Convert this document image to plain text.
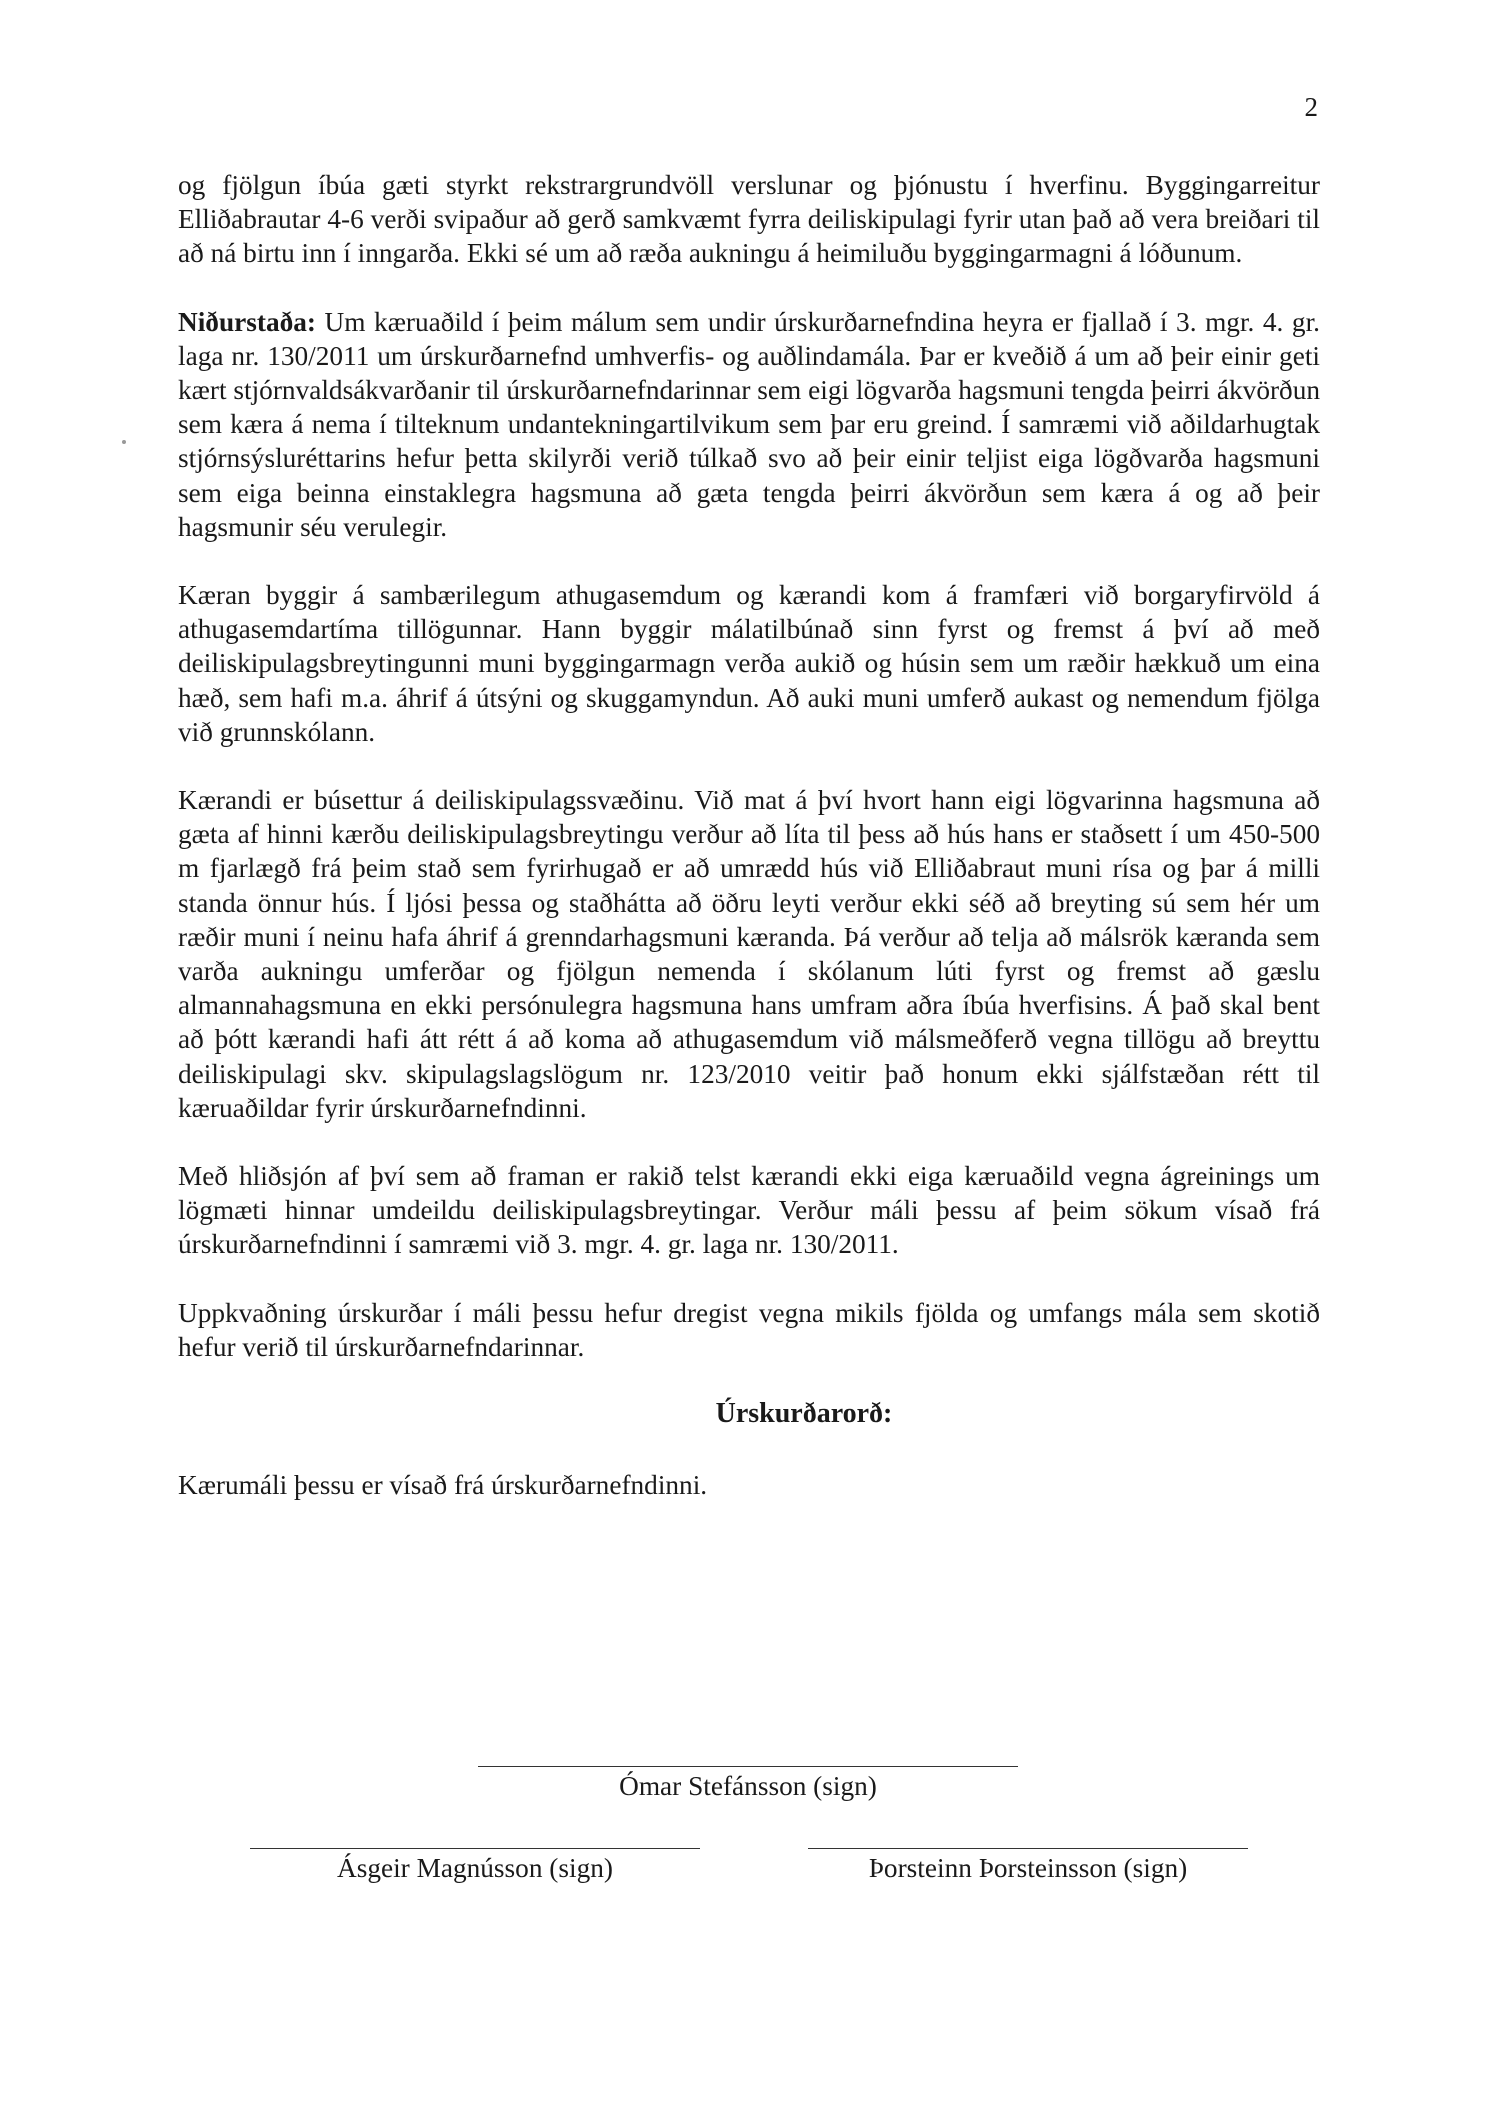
2

og fjölgun íbúa gæti styrkt rekstrargrundvöll verslunar og þjónustu í hverfinu. Byggingarreitur Elliðabrautar 4-6 verði svipaður að gerð samkvæmt fyrra deiliskipulagi fyrir utan það að vera breiðari til að ná birtu inn í inngarða. Ekki sé um að ræða aukningu á heimiluðu byggingarmagni á lóðunum.

Niðurstaða: Um kæruaðild í þeim málum sem undir úrskurðarnefndina heyra er fjallað í 3. mgr. 4. gr. laga nr. 130/2011 um úrskurðarnefnd umhverfis- og auðlindamála. Þar er kveðið á um að þeir einir geti kært stjórnvaldsákvarðanir til úrskurðarnefndarinnar sem eigi lögvarða hagsmuni tengda þeirri ákvörðun sem kæra á nema í tilteknum undantekningartilvikum sem þar eru greind. Í samræmi við aðildarhugtak stjórnsýsluréttarins hefur þetta skilyrði verið túlkað svo að þeir einir teljist eiga lögðvarða hagsmuni sem eiga beinna einstaklegra hagsmuna að gæta tengda þeirri ákvörðun sem kæra á og að þeir hagsmunir séu verulegir.

Kæran byggir á sambærilegum athugasemdum og kærandi kom á framfæri við borgaryfirvöld á athugasemdartíma tillögunnar. Hann byggir málatilbúnað sinn fyrst og fremst á því að með deiliskipulagsbreytingunni muni byggingarmagn verða aukið og húsin sem um ræðir hækkuð um eina hæð, sem hafi m.a. áhrif á útsýni og skuggamyndun. Að auki muni umferð aukast og nemendum fjölga við grunnskólann.

Kærandi er búsettur á deiliskipulagssvæðinu. Við mat á því hvort hann eigi lögvarinna hagsmuna að gæta af hinni kærðu deiliskipulagsbreytingu verður að líta til þess að hús hans er staðsett í um 450-500 m fjarlægð frá þeim stað sem fyrirhugað er að umrædd hús við Elliðabraut muni rísa og þar á milli standa önnur hús. Í ljósi þessa og staðhátta að öðru leyti verður ekki séð að breyting sú sem hér um ræðir muni í neinu hafa áhrif á grenndarhagsmuni kæranda. Þá verður að telja að málsrök kæranda sem varða aukningu umferðar og fjölgun nemenda í skólanum lúti fyrst og fremst að gæslu almannahagsmuna en ekki persónulegra hagsmuna hans umfram aðra íbúa hverfisins. Á það skal bent að þótt kærandi hafi átt rétt á að koma að athugasemdum við málsmeðferð vegna tillögu að breyttu deiliskipulagi skv. skipulagslagslögum nr. 123/2010 veitir það honum ekki sjálfstæðan rétt til kæruaðildar fyrir úrskurðarnefndinni.

Með hliðsjón af því sem að framan er rakið telst kærandi ekki eiga kæruaðild vegna ágreinings um lögmæti hinnar umdeildu deiliskipulagsbreytingar. Verður máli þessu af þeim sökum vísað frá úrskurðarnefndinni í samræmi við 3. mgr. 4. gr. laga nr. 130/2011.

Uppkvaðning úrskurðar í máli þessu hefur dregist vegna mikils fjölda og umfangs mála sem skotið hefur verið til úrskurðarnefndarinnar.

Úrskurðarorð:

Kærumáli þessu er vísað frá úrskurðarnefndinni.

Ómar Stefánsson (sign)
Ásgeir Magnússon (sign)	Þorsteinn Þorsteinsson (sign)
